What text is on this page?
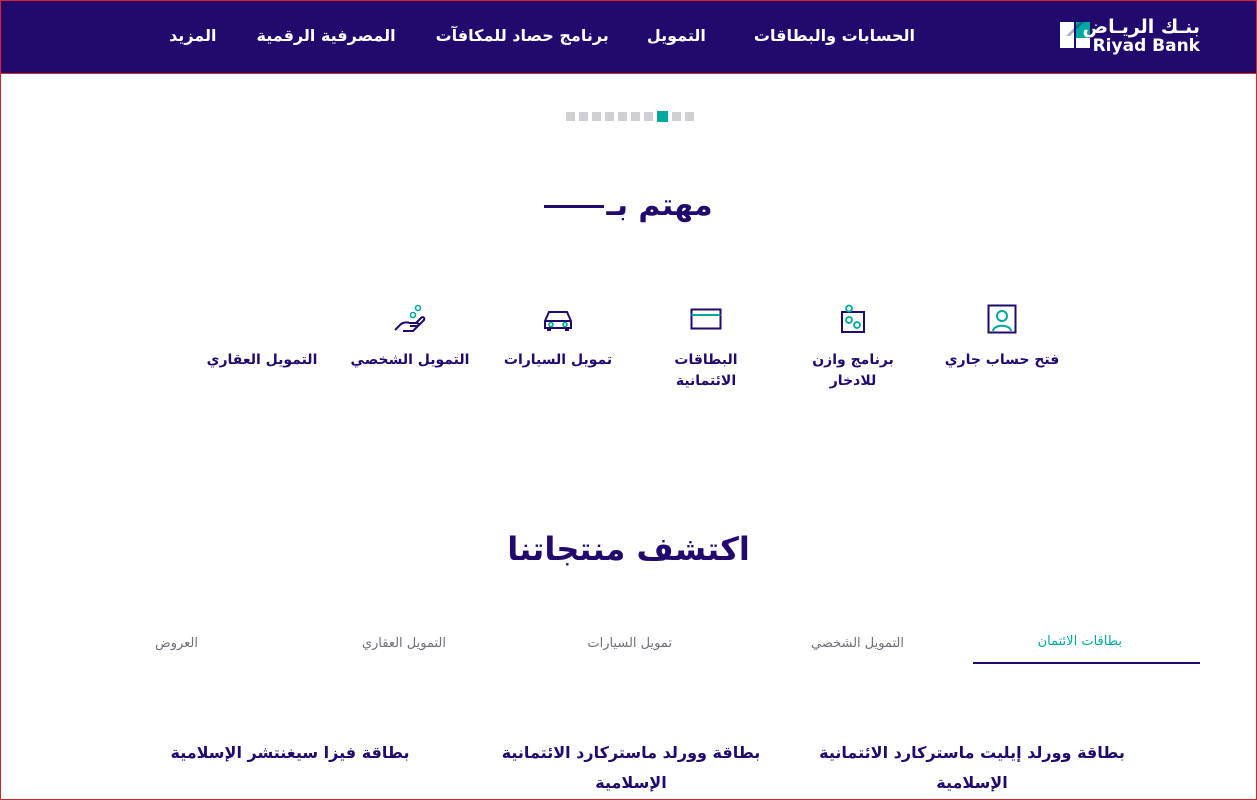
بنـك الريـاض
Riyad Bank
الحسابات والبطاقات
التمويل
برنامج حصاد للمكافآت
المصرفية الرقمية
المزيد
مهتم بـ
فتح حساب جاري
برنامج وازن للادخار
البطاقات الائتمانية
تمويل السيارات
التمويل الشخصي
التمويل العقاري
اكتشف منتجاتنا
بطاقات الائتمان
التمويل الشخصي
تمويل السيارات
التمويل العقاري
العروض
بطاقة وورلد إيليت ماستركارد الائتمانية الإسلامية
بطاقة وورلد ماستركارد الائتمانية الإسلامية
بطاقة فيزا سيغنتشر الإسلامية
